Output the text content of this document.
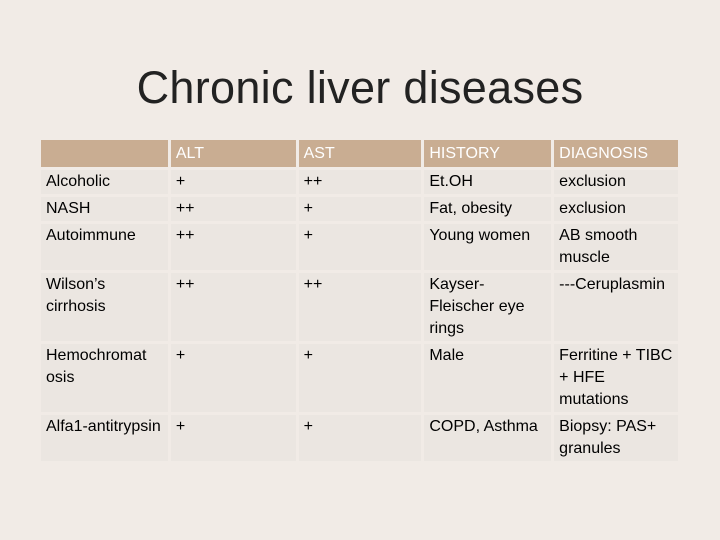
Chronic liver diseases
	ALT	AST	HISTORY	DIAGNOSIS
Alcoholic	+	++	Et.OH	exclusion
NASH	++	+	Fat, obesity	exclusion
Autoimmune	++	+	Young women	AB smooth muscle
Wilson’s cirrhosis	++	++	Kayser-Fleischer eye rings	---Ceruplasmin
Hemochromat osis	+	+	Male	Ferritine + TIBC + HFE mutations
Alfa1-antitrypsin	+	+	COPD, Asthma	Biopsy: PAS+ granules
